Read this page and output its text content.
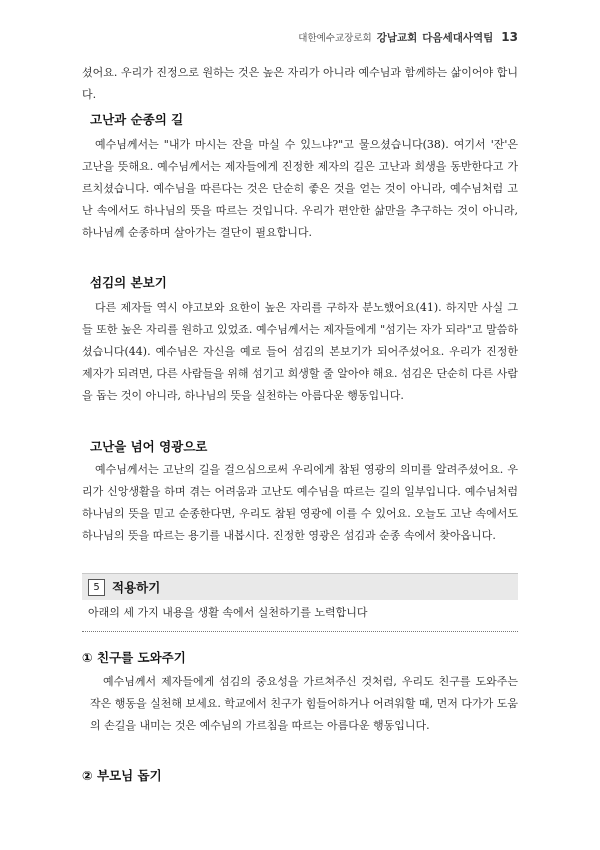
대한예수교장로회 강남교회 다음세대사역팀 13

셨어요. 우리가 진정으로 원하는 것은 높은 자리가 아니라 예수님과 함께하는 삶이어야 합니다.

고난과 순종의 길

예수님께서는 "내가 마시는 잔을 마실 수 있느냐?"고 물으셨습니다(38). 여기서 '잔'은 고난을 뜻해요. 예수님께서는 제자들에게 진정한 제자의 길은 고난과 희생을 동반한다고 가르치셨습니다. 예수님을 따른다는 것은 단순히 좋은 것을 얻는 것이 아니라, 예수님처럼 고난 속에서도 하나님의 뜻을 따르는 것입니다. 우리가 편안한 삶만을 추구하는 것이 아니라, 하나님께 순종하며 살아가는 결단이 필요합니다.

섬김의 본보기

다른 제자들 역시 야고보와 요한이 높은 자리를 구하자 분노했어요(41). 하지만 사실 그들 또한 높은 자리를 원하고 있었죠. 예수님께서는 제자들에게 "섬기는 자가 되라"고 말씀하셨습니다(44). 예수님은 자신을 예로 들어 섬김의 본보기가 되어주셨어요. 우리가 진정한 제자가 되려면, 다른 사람들을 위해 섬기고 희생할 줄 알아야 해요. 섬김은 단순히 다른 사람을 돕는 것이 아니라, 하나님의 뜻을 실천하는 아름다운 행동입니다.

고난을 넘어 영광으로

예수님께서는 고난의 길을 걸으심으로써 우리에게 참된 영광의 의미를 알려주셨어요. 우리가 신앙생활을 하며 겪는 어려움과 고난도 예수님을 따르는 길의 일부입니다. 예수님처럼 하나님의 뜻을 믿고 순종한다면, 우리도 참된 영광에 이를 수 있어요. 오늘도 고난 속에서도 하나님의 뜻을 따르는 용기를 내봅시다. 진정한 영광은 섬김과 순종 속에서 찾아옵니다.

5 적용하기
아래의 세 가지 내용을 생활 속에서 실천하기를 노력합니다
① 친구를 도와주기

예수님께서 제자들에게 섬김의 중요성을 가르쳐주신 것처럼, 우리도 친구를 도와주는 작은 행동을 실천해 보세요. 학교에서 친구가 힘들어하거나 어려워할 때, 먼저 다가가 도움의 손길을 내미는 것은 예수님의 가르침을 따르는 아름다운 행동입니다.

② 부모님 돕기
